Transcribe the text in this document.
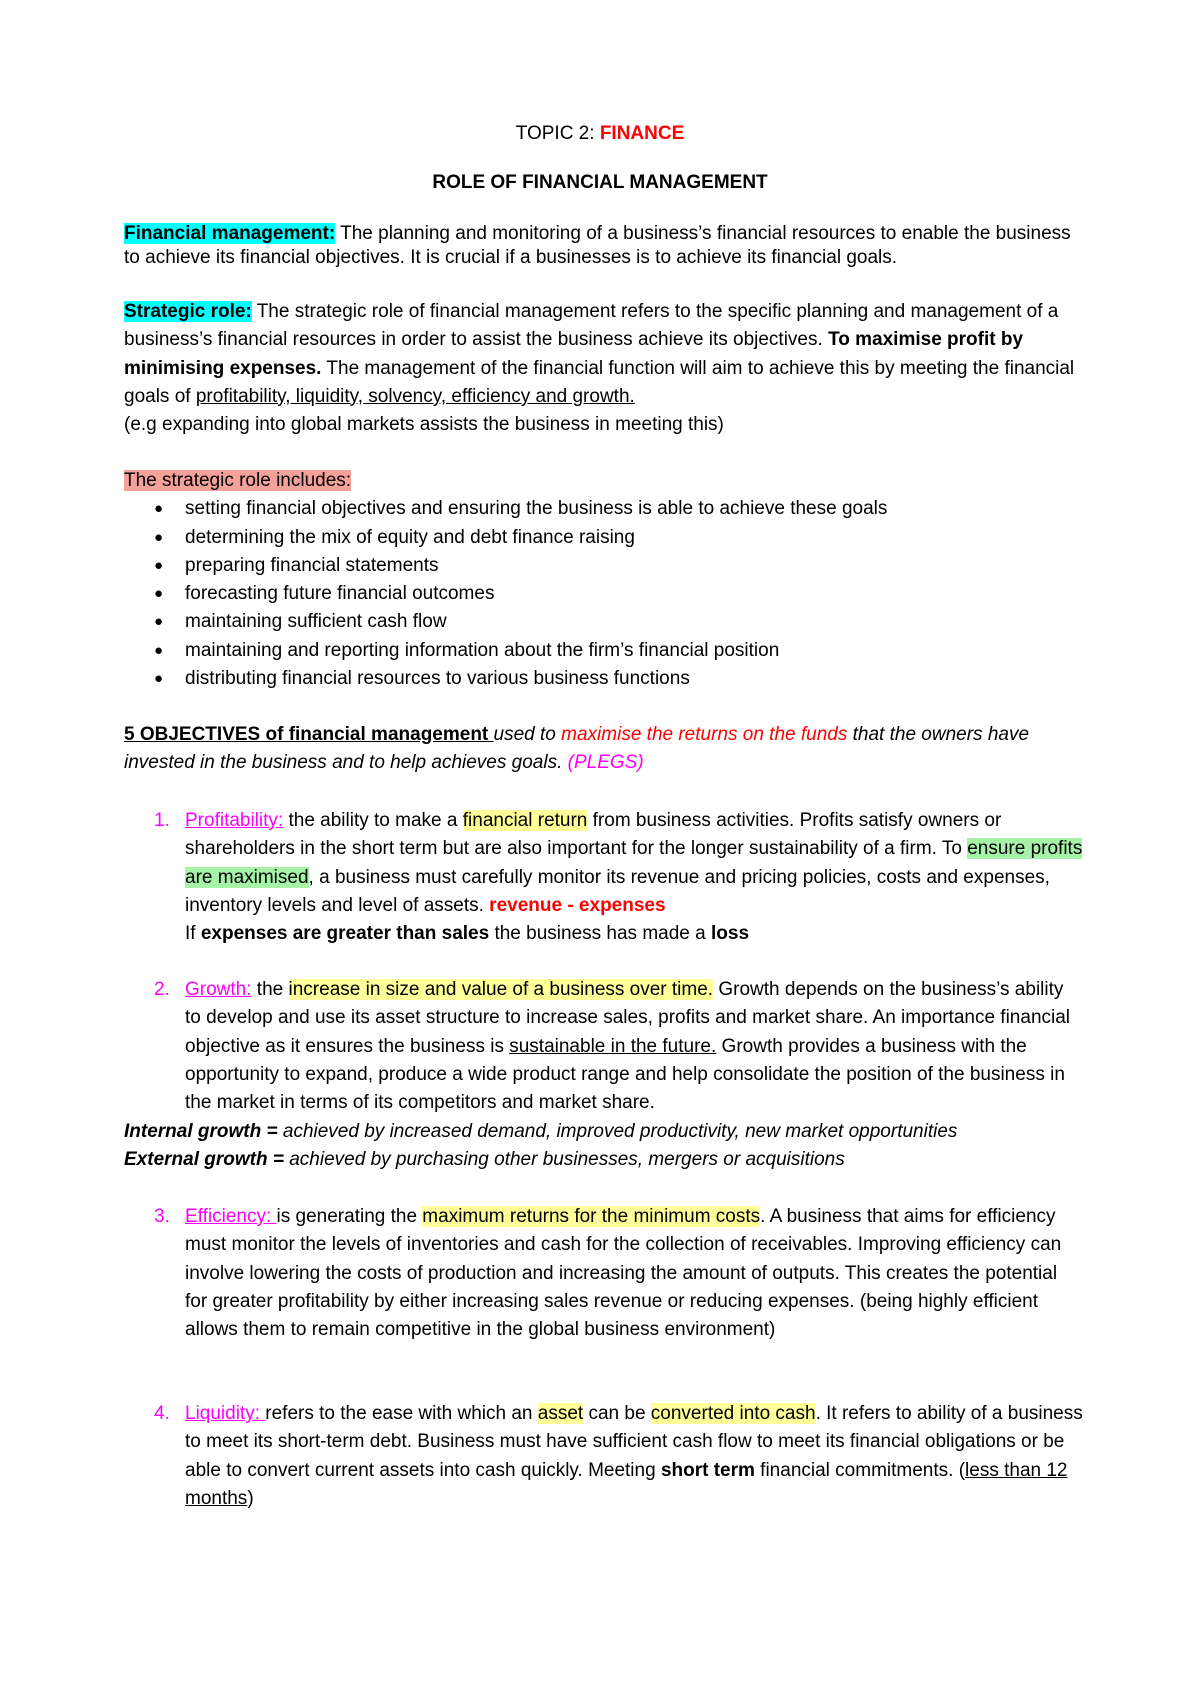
TOPIC 2: FINANCE
ROLE OF FINANCIAL MANAGEMENT
Financial management: The planning and monitoring of a business’s financial resources to enable the business to achieve its financial objectives. It is crucial if a businesses is to achieve its financial goals.
Strategic role: The strategic role of financial management refers to the specific planning and management of a business’s financial resources in order to assist the business achieve its objectives. To maximise profit by minimising expenses. The management of the financial function will aim to achieve this by meeting the financial goals of profitability, liquidity, solvency, efficiency and growth.
(e.g expanding into global markets assists the business in meeting this)
The strategic role includes:
● setting financial objectives and ensuring the business is able to achieve these goals
● determining the mix of equity and debt finance raising
● preparing financial statements
● forecasting future financial outcomes
● maintaining sufficient cash flow
● maintaining and reporting information about the firm’s financial position
● distributing financial resources to various business functions
5 OBJECTIVES of financial management used to maximise the returns on the funds that the owners have invested in the business and to help achieves goals. (PLEGS)
1. Profitability: the ability to make a financial return from business activities. Profits satisfy owners or shareholders in the short term but are also important for the longer sustainability of a firm. To ensure profits are maximised, a business must carefully monitor its revenue and pricing policies, costs and expenses, inventory levels and level of assets. revenue - expenses
If expenses are greater than sales the business has made a loss
2. Growth: the increase in size and value of a business over time. Growth depends on the business’s ability to develop and use its asset structure to increase sales, profits and market share. An importance financial objective as it ensures the business is sustainable in the future. Growth provides a business with the opportunity to expand, produce a wide product range and help consolidate the position of the business in the market in terms of its competitors and market share.
Internal growth = achieved by increased demand, improved productivity, new market opportunities
External growth = achieved by purchasing other businesses, mergers or acquisitions
3. Efficiency: is generating the maximum returns for the minimum costs. A business that aims for efficiency must monitor the levels of inventories and cash for the collection of receivables. Improving efficiency can involve lowering the costs of production and increasing the amount of outputs. This creates the potential for greater profitability by either increasing sales revenue or reducing expenses. (being highly efficient allows them to remain competitive in the global business environment)
4. Liquidity: refers to the ease with which an asset can be converted into cash. It refers to ability of a business to meet its short-term debt. Business must have sufficient cash flow to meet its financial obligations or be able to convert current assets into cash quickly. Meeting short term financial commitments. (less than 12 months)
